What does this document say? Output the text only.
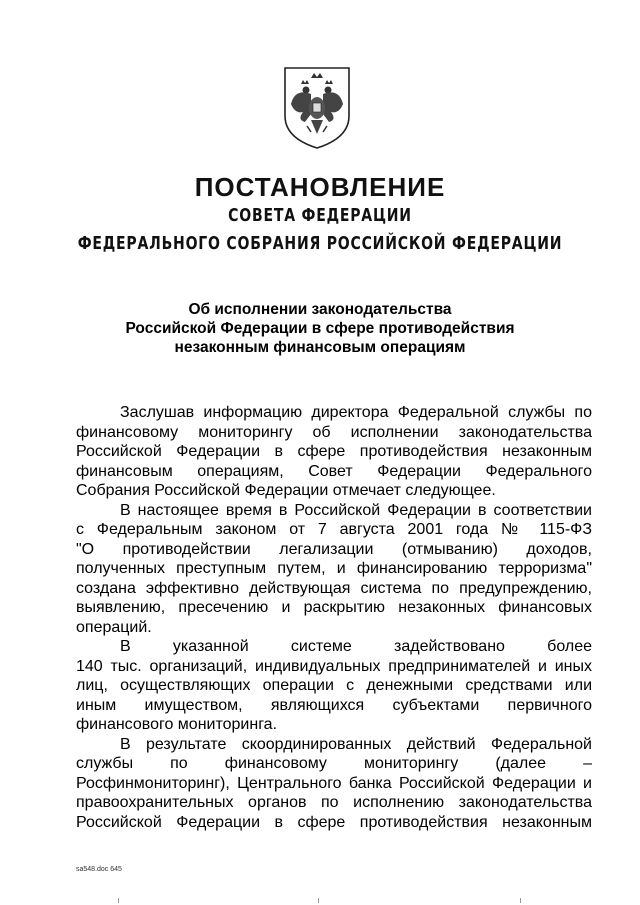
ПОСТАНОВЛЕНИЕ
СОВЕТА ФЕДЕРАЦИИ
ФЕДЕРАЛЬНОГО СОБРАНИЯ РОССИЙСКОЙ ФЕДЕРАЦИИ
Об исполнении законодательства
Российской Федерации в сфере противодействия
незаконным финансовым операциям
Заслушав информацию директора Федеральной службы по
финансовому мониторингу об исполнении законодательства
Российской Федерации в сфере противодействия незаконным
финансовым операциям, Совет Федерации Федерального
Собрания Российской Федерации отмечает следующее.
В настоящее время в Российской Федерации в соответствии
с Федеральным законом от 7 августа 2001 года № 115-ФЗ
"О противодействии легализации (отмыванию) доходов,
полученных преступным путем, и финансированию терроризма"
создана эффективно действующая система по предупреждению,
выявлению, пресечению и раскрытию незаконных финансовых
операций.
В указанной системе задействовано более
140 тыс. организаций, индивидуальных предпринимателей и иных
лиц, осуществляющих операции с денежными средствами или
иным имуществом, являющихся субъектами первичного
финансового мониторинга.
В результате скоординированных действий Федеральной
службы по финансовому мониторингу (далее –
Росфинмониторинг), Центрального банка Российской Федерации и
правоохранительных органов по исполнению законодательства
Российской Федерации в сфере противодействия незаконным
sa548.doc 645
